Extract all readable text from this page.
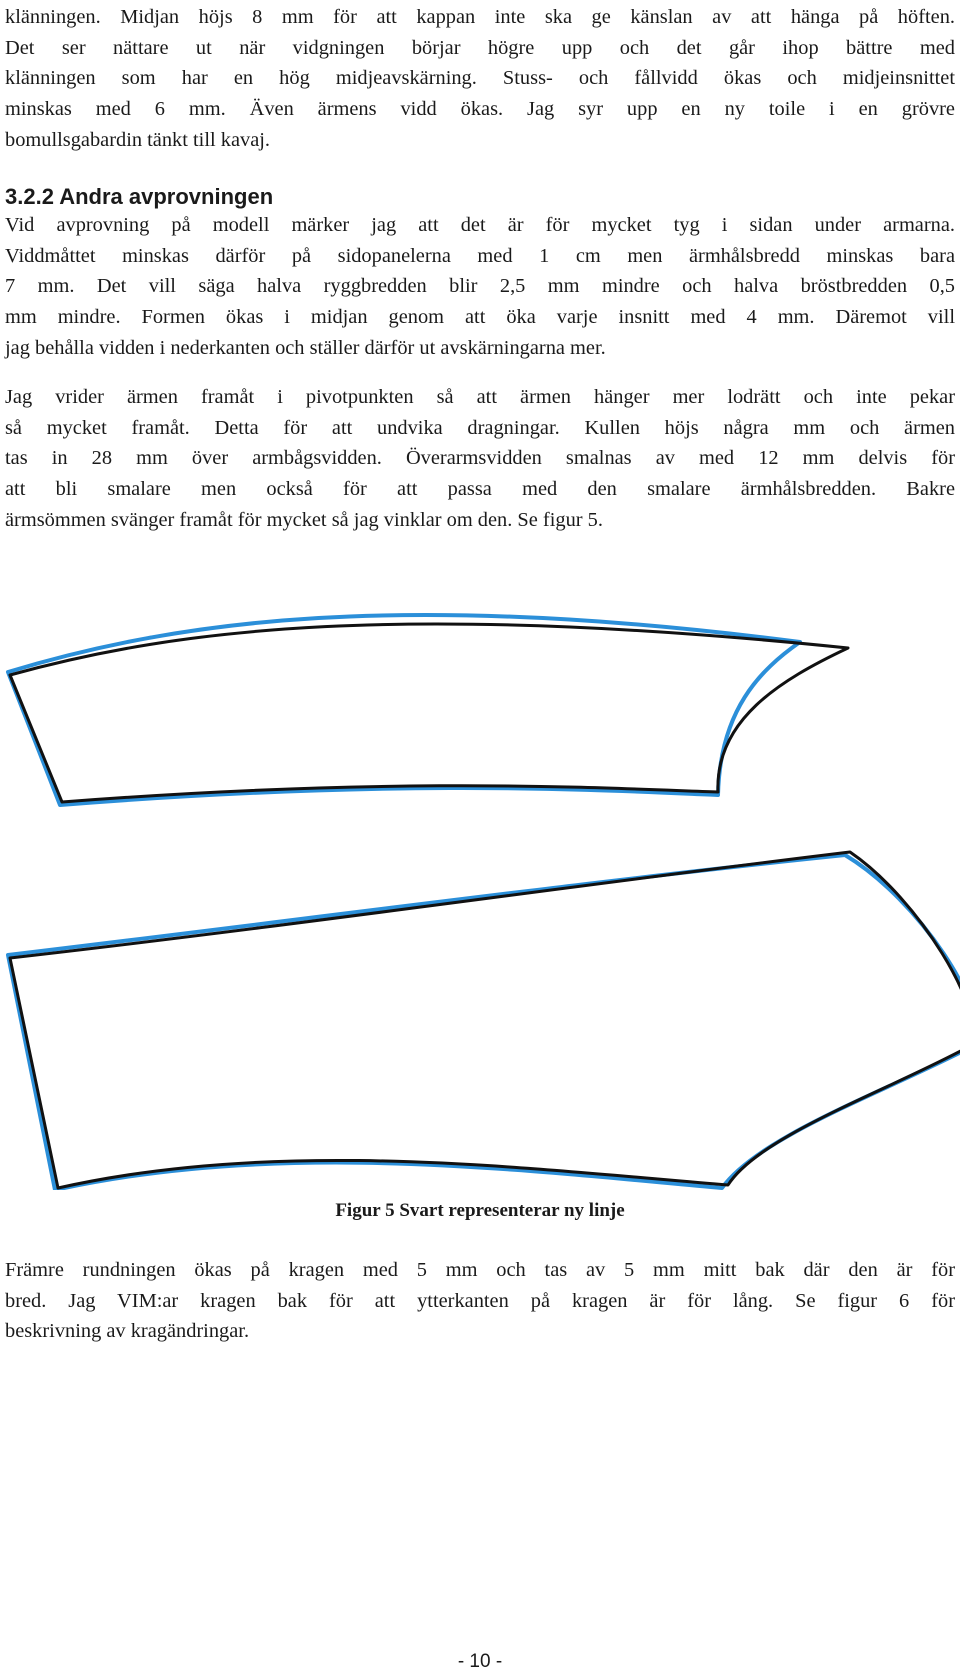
klänningen. Midjan höjs 8 mm för att kappan inte ska ge känslan av att hänga på höften.
Det ser nättare ut när vidgningen börjar högre upp och det går ihop bättre med
klänningen som har en hög midjeavskärning. Stuss- och fållvidd ökas och midjeinsnittet
minskas med 6 mm. Även ärmens vidd ökas. Jag syr upp en ny toile i en grövre
bomullsgabardin tänkt till kavaj.
3.2.2 Andra avprovningen
Vid avprovning på modell märker jag att det är för mycket tyg i sidan under armarna.
Viddmåttet minskas därför på sidopanelerna med 1 cm men ärmhålsbredd minskas bara
7 mm. Det vill säga halva ryggbredden blir 2,5 mm mindre och halva bröstbredden 0,5
mm mindre. Formen ökas i midjan genom att öka varje insnitt med 4 mm. Däremot vill
jag behålla vidden i nederkanten och ställer därför ut avskärningarna mer.
Jag vrider ärmen framåt i pivotpunkten så att ärmen hänger mer lodrätt och inte pekar
så mycket framåt. Detta för att undvika dragningar. Kullen höjs några mm och ärmen
tas in 28 mm över armbågsvidden. Överarmsvidden smalnas av med 12 mm delvis för
att bli smalare men också för att passa med den smalare ärmhålsbredden. Bakre
ärmsömmen svänger framåt för mycket så jag vinklar om den. Se figur 5.
Figur 5 Svart representerar ny linje
Främre rundningen ökas på kragen med 5 mm och tas av 5 mm mitt bak där den är för
bred. Jag VIM:ar kragen bak för att ytterkanten på kragen är för lång. Se figur 6 för
beskrivning av kragändringar.
- 10 -
